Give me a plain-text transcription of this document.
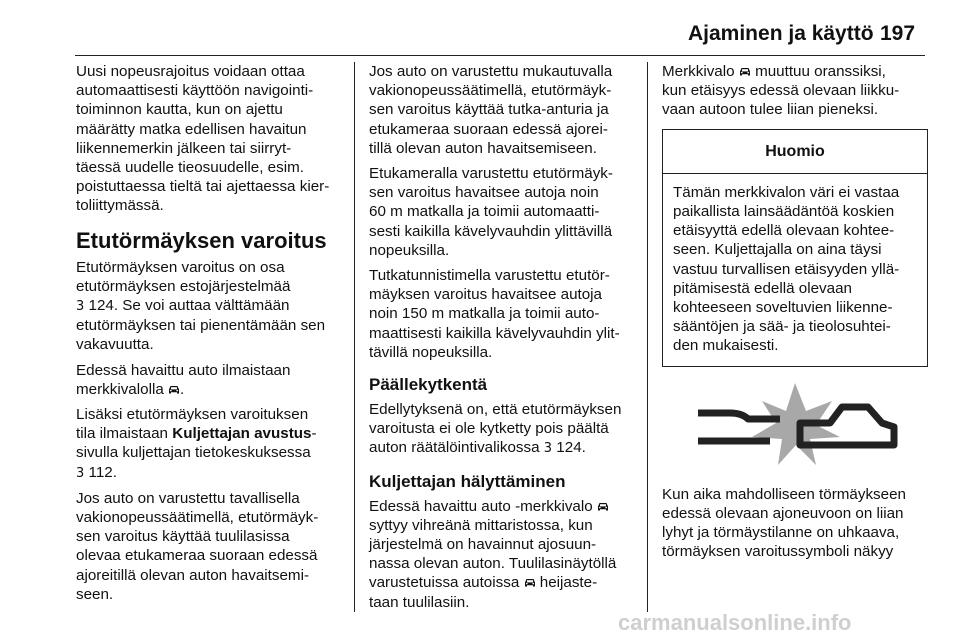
Ajaminen ja käyttö 197

Uusi nopeusrajoitus voidaan ottaa
automaattisesti käyttöön navigointi-
toiminnon kautta, kun on ajettu
määrätty matka edellisen havaitun
liikennemerkin jälkeen tai siirryt-
täessä uudelle tieosuudelle, esim.
poistuttaessa tieltä tai ajettaessa kier-
toliittymässä.

Etutörmäyksen varoitus

Etutörmäyksen varoitus on osa
etutörmäyksen estojärjestelmää
3 124. Se voi auttaa välttämään
etutörmäyksen tai pienentämään sen
vakavuutta.

Edessä havaittu auto ilmaistaan
merkkivalolla .

Lisäksi etutörmäyksen varoituksen
tila ilmaistaan Kuljettajan avustus-
sivulla kuljettajan tietokeskuksessa
3 112.

Jos auto on varustettu tavallisella
vakionopeussäätimellä, etutörmäyk-
sen varoitus käyttää tuulilasissa
olevaa etukameraa suoraan edessä
ajoreitillä olevan auton havaitsemi-
seen.

Jos auto on varustettu mukautuvalla
vakionopeussäätimellä, etutörmäyk-
sen varoitus käyttää tutka-anturia ja
etukameraa suoraan edessä ajorei-
tillä olevan auton havaitsemiseen.

Etukameralla varustettu etutörmäyk-
sen varoitus havaitsee autoja noin
60 m matkalla ja toimii automaatti-
sesti kaikilla kävelyvauhdin ylittävillä
nopeuksilla.

Tutkatunnistimella varustettu etutör-
mäyksen varoitus havaitsee autoja
noin 150 m matkalla ja toimii auto-
maattisesti kaikilla kävelyvauhdin ylit-
tävillä nopeuksilla.

Päällekytkentä

Edellytyksenä on, että etutörmäyksen
varoitusta ei ole kytketty pois päältä
auton räätälöintivalikossa 3 124.

Kuljettajan hälyttäminen

Edessä havaittu auto -merkkivalo
syttyy vihreänä mittaristossa, kun
järjestelmä on havainnut ajosuun-
nassa olevan auton. Tuulilasinäytöllä
varustetuissa autoissa heijaste-
taan tuulilasiin.

Merkkivalo muuttuu oranssiksi,
kun etäisyys edessä olevaan liikku-
vaan autoon tulee liian pieneksi.

Huomio
Tämän merkkivalon väri ei vastaa
paikallista lainsäädäntöä koskien
etäisyyttä edellä olevaan kohtee-
seen. Kuljettajalla on aina täysi
vastuu turvallisen etäisyyden yllä-
pitämisestä edellä olevaan
kohteeseen soveltuvien liikenne-
sääntöjen ja sää- ja tieolosuhtei-
den mukaisesti.

Kun aika mahdolliseen törmäykseen
edessä olevaan ajoneuvoon on liian
lyhyt ja törmäystilanne on uhkaava,
törmäyksen varoitussymboli näkyy

carmanualsonline.info
